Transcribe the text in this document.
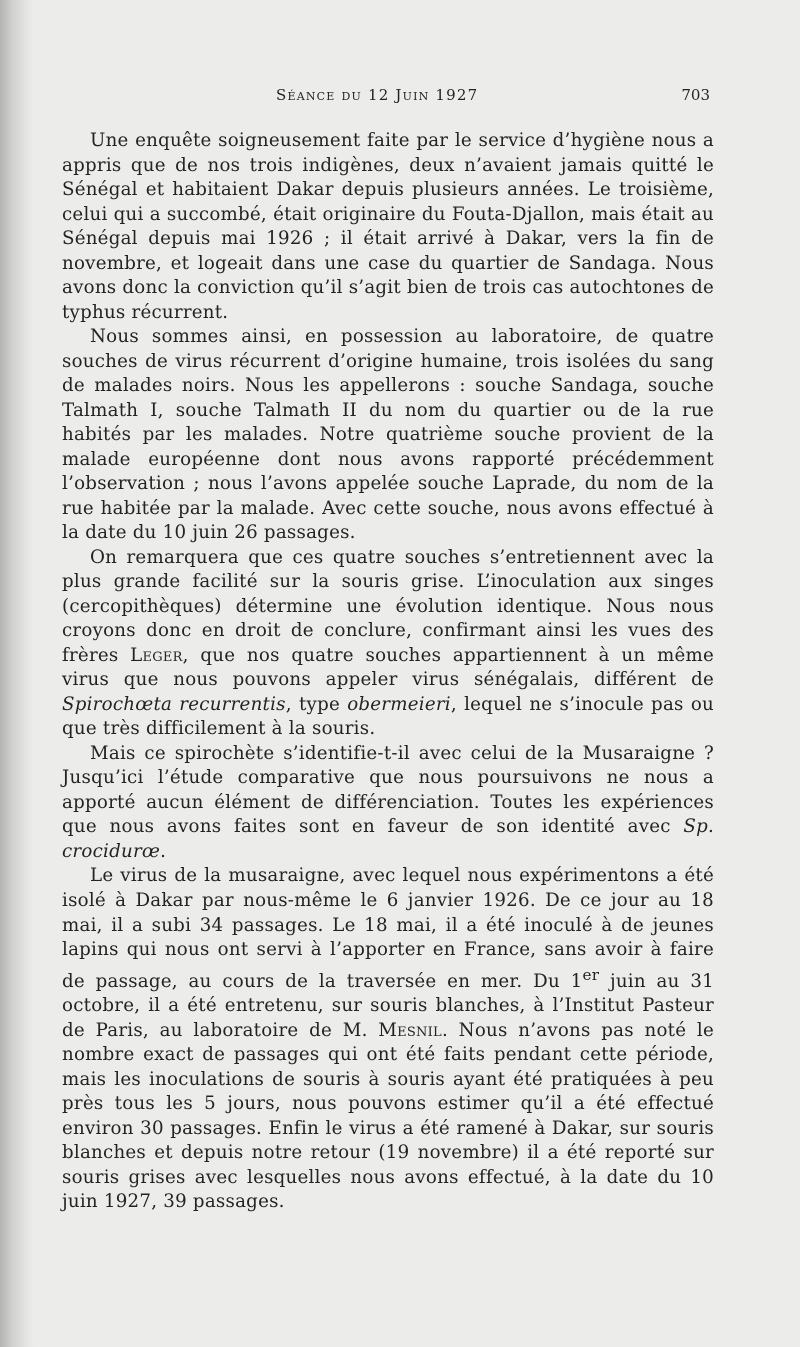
Séance du 12 Juin 1927	703

Une enquête soigneusement faite par le service d’hygiène nous a appris que de nos trois indigènes, deux n’avaient jamais quitté le Sénégal et habitaient Dakar depuis plusieurs années. Le troisième, celui qui a succombé, était originaire du Fouta-Djallon, mais était au Sénégal depuis mai 1926 ; il était arrivé à Dakar, vers la fin de novembre, et logeait dans une case du quartier de Sandaga. Nous avons donc la conviction qu’il s’agit bien de trois cas autochtones de typhus récurrent.

Nous sommes ainsi, en possession au laboratoire, de quatre souches de virus récurrent d’origine humaine, trois isolées du sang de malades noirs. Nous les appellerons : souche Sandaga, souche Talmath I, souche Talmath II du nom du quartier ou de la rue habités par les malades. Notre quatrième souche provient de la malade européenne dont nous avons rapporté précédemment l’observation ; nous l’avons appelée souche Laprade, du nom de la rue habitée par la malade. Avec cette souche, nous avons effectué à la date du 10 juin 26 passages.

On remarquera que ces quatre souches s’entretiennent avec la plus grande facilité sur la souris grise. L’inoculation aux singes (cercopithèques) détermine une évolution identique. Nous nous croyons donc en droit de conclure, confirmant ainsi les vues des frères Leger, que nos quatre souches appartiennent à un même virus que nous pouvons appeler virus sénégalais, différent de Spirochœta recurrentis, type obermeieri, lequel ne s’inocule pas ou que très difficilement à la souris.

Mais ce spirochète s’identifie-t-il avec celui de la Musaraigne ? Jusqu’ici l’étude comparative que nous poursuivons ne nous a apporté aucun élément de différenciation. Toutes les expériences que nous avons faites sont en faveur de son identité avec Sp. crocidurœ.

Le virus de la musaraigne, avec lequel nous expérimentons a été isolé à Dakar par nous-même le 6 janvier 1926. De ce jour au 18 mai, il a subi 34 passages. Le 18 mai, il a été inoculé à de jeunes lapins qui nous ont servi à l’apporter en France, sans avoir à faire de passage, au cours de la traversée en mer. Du 1er juin au 31 octobre, il a été entretenu, sur souris blanches, à l’Institut Pasteur de Paris, au laboratoire de M. Mesnil. Nous n’avons pas noté le nombre exact de passages qui ont été faits pendant cette période, mais les inoculations de souris à souris ayant été pratiquées à peu près tous les 5 jours, nous pouvons estimer qu’il a été effectué environ 30 passages. Enfin le virus a été ramené à Dakar, sur souris blanches et depuis notre retour (19 novembre) il a été reporté sur souris grises avec lesquelles nous avons effectué, à la date du 10 juin 1927, 39 passages.
